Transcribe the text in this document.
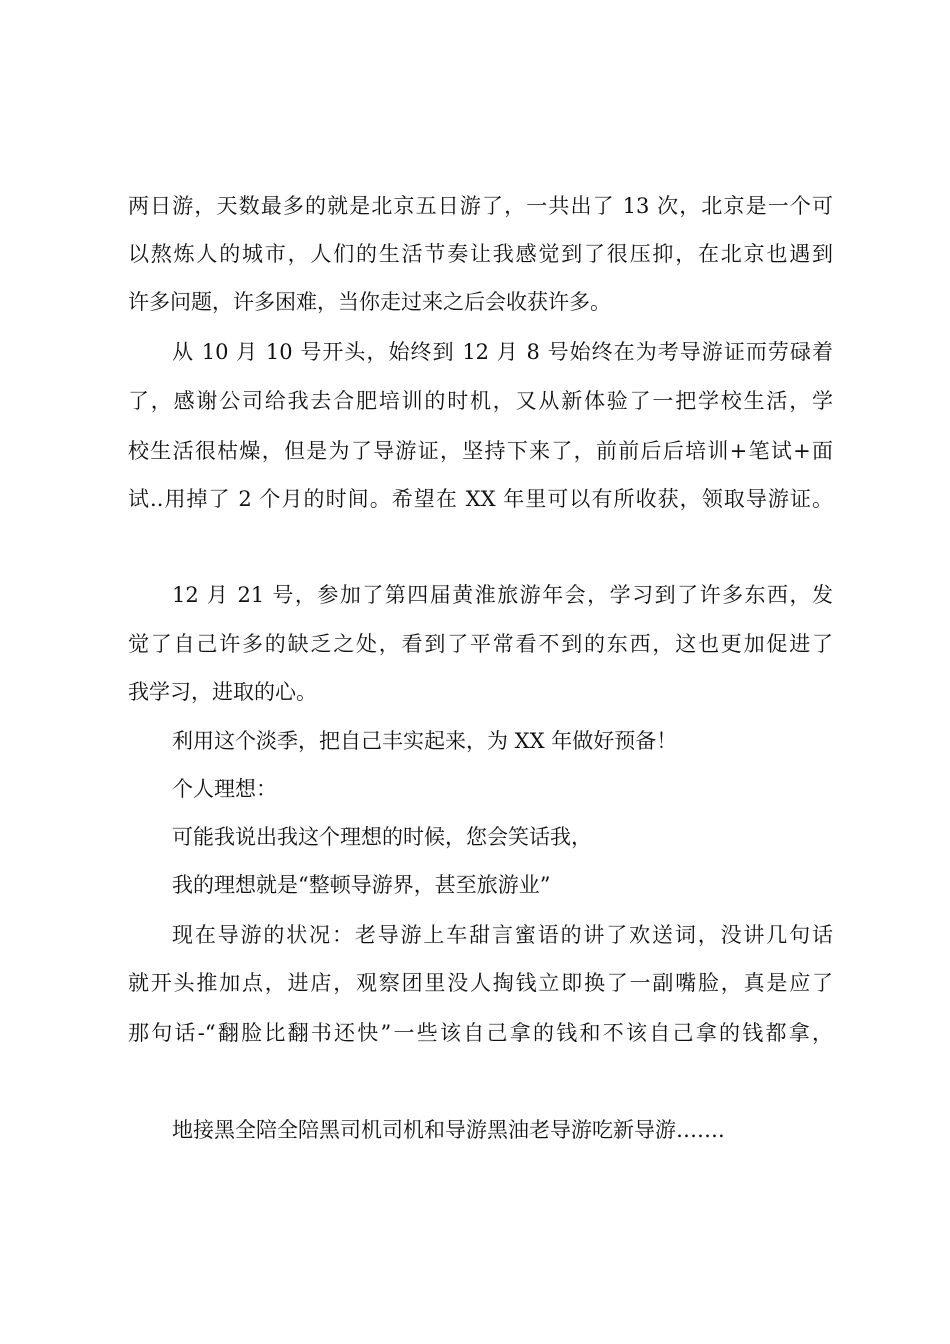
两日游，天数最多的就是北京五日游了，一共出了 13 次，北京是一个可
以熬炼人的城市，人们的生活节奏让我感觉到了很压抑，在北京也遇到
许多问题，许多困难，当你走过来之后会收获许多。
从 10 月 10 号开头，始终到 12 月 8 号始终在为考导游证而劳碌着
了，感谢公司给我去合肥培训的时机，又从新体验了一把学校生活，学
校生活很枯燥，但是为了导游证，坚持下来了，前前后后培训+笔试+面
试..用掉了 2 个月的时间。希望在 XX 年里可以有所收获，领取导游证。
12 月 21 号，参加了第四届黄淮旅游年会，学习到了许多东西，发
觉了自己许多的缺乏之处，看到了平常看不到的东西，这也更加促进了
我学习，进取的心。
利用这个淡季，把自己丰实起来，为 XX 年做好预备！
个人理想：
可能我说出我这个理想的时候，您会笑话我，
我的理想就是“整顿导游界，甚至旅游业”
现在导游的状况：老导游上车甜言蜜语的讲了欢送词，没讲几句话
就开头推加点，进店，观察团里没人掏钱立即换了一副嘴脸，真是应了
那句话-“翻脸比翻书还快”一些该自己拿的钱和不该自己拿的钱都拿，
地接黑全陪全陪黑司机司机和导游黑油老导游吃新导游…….
